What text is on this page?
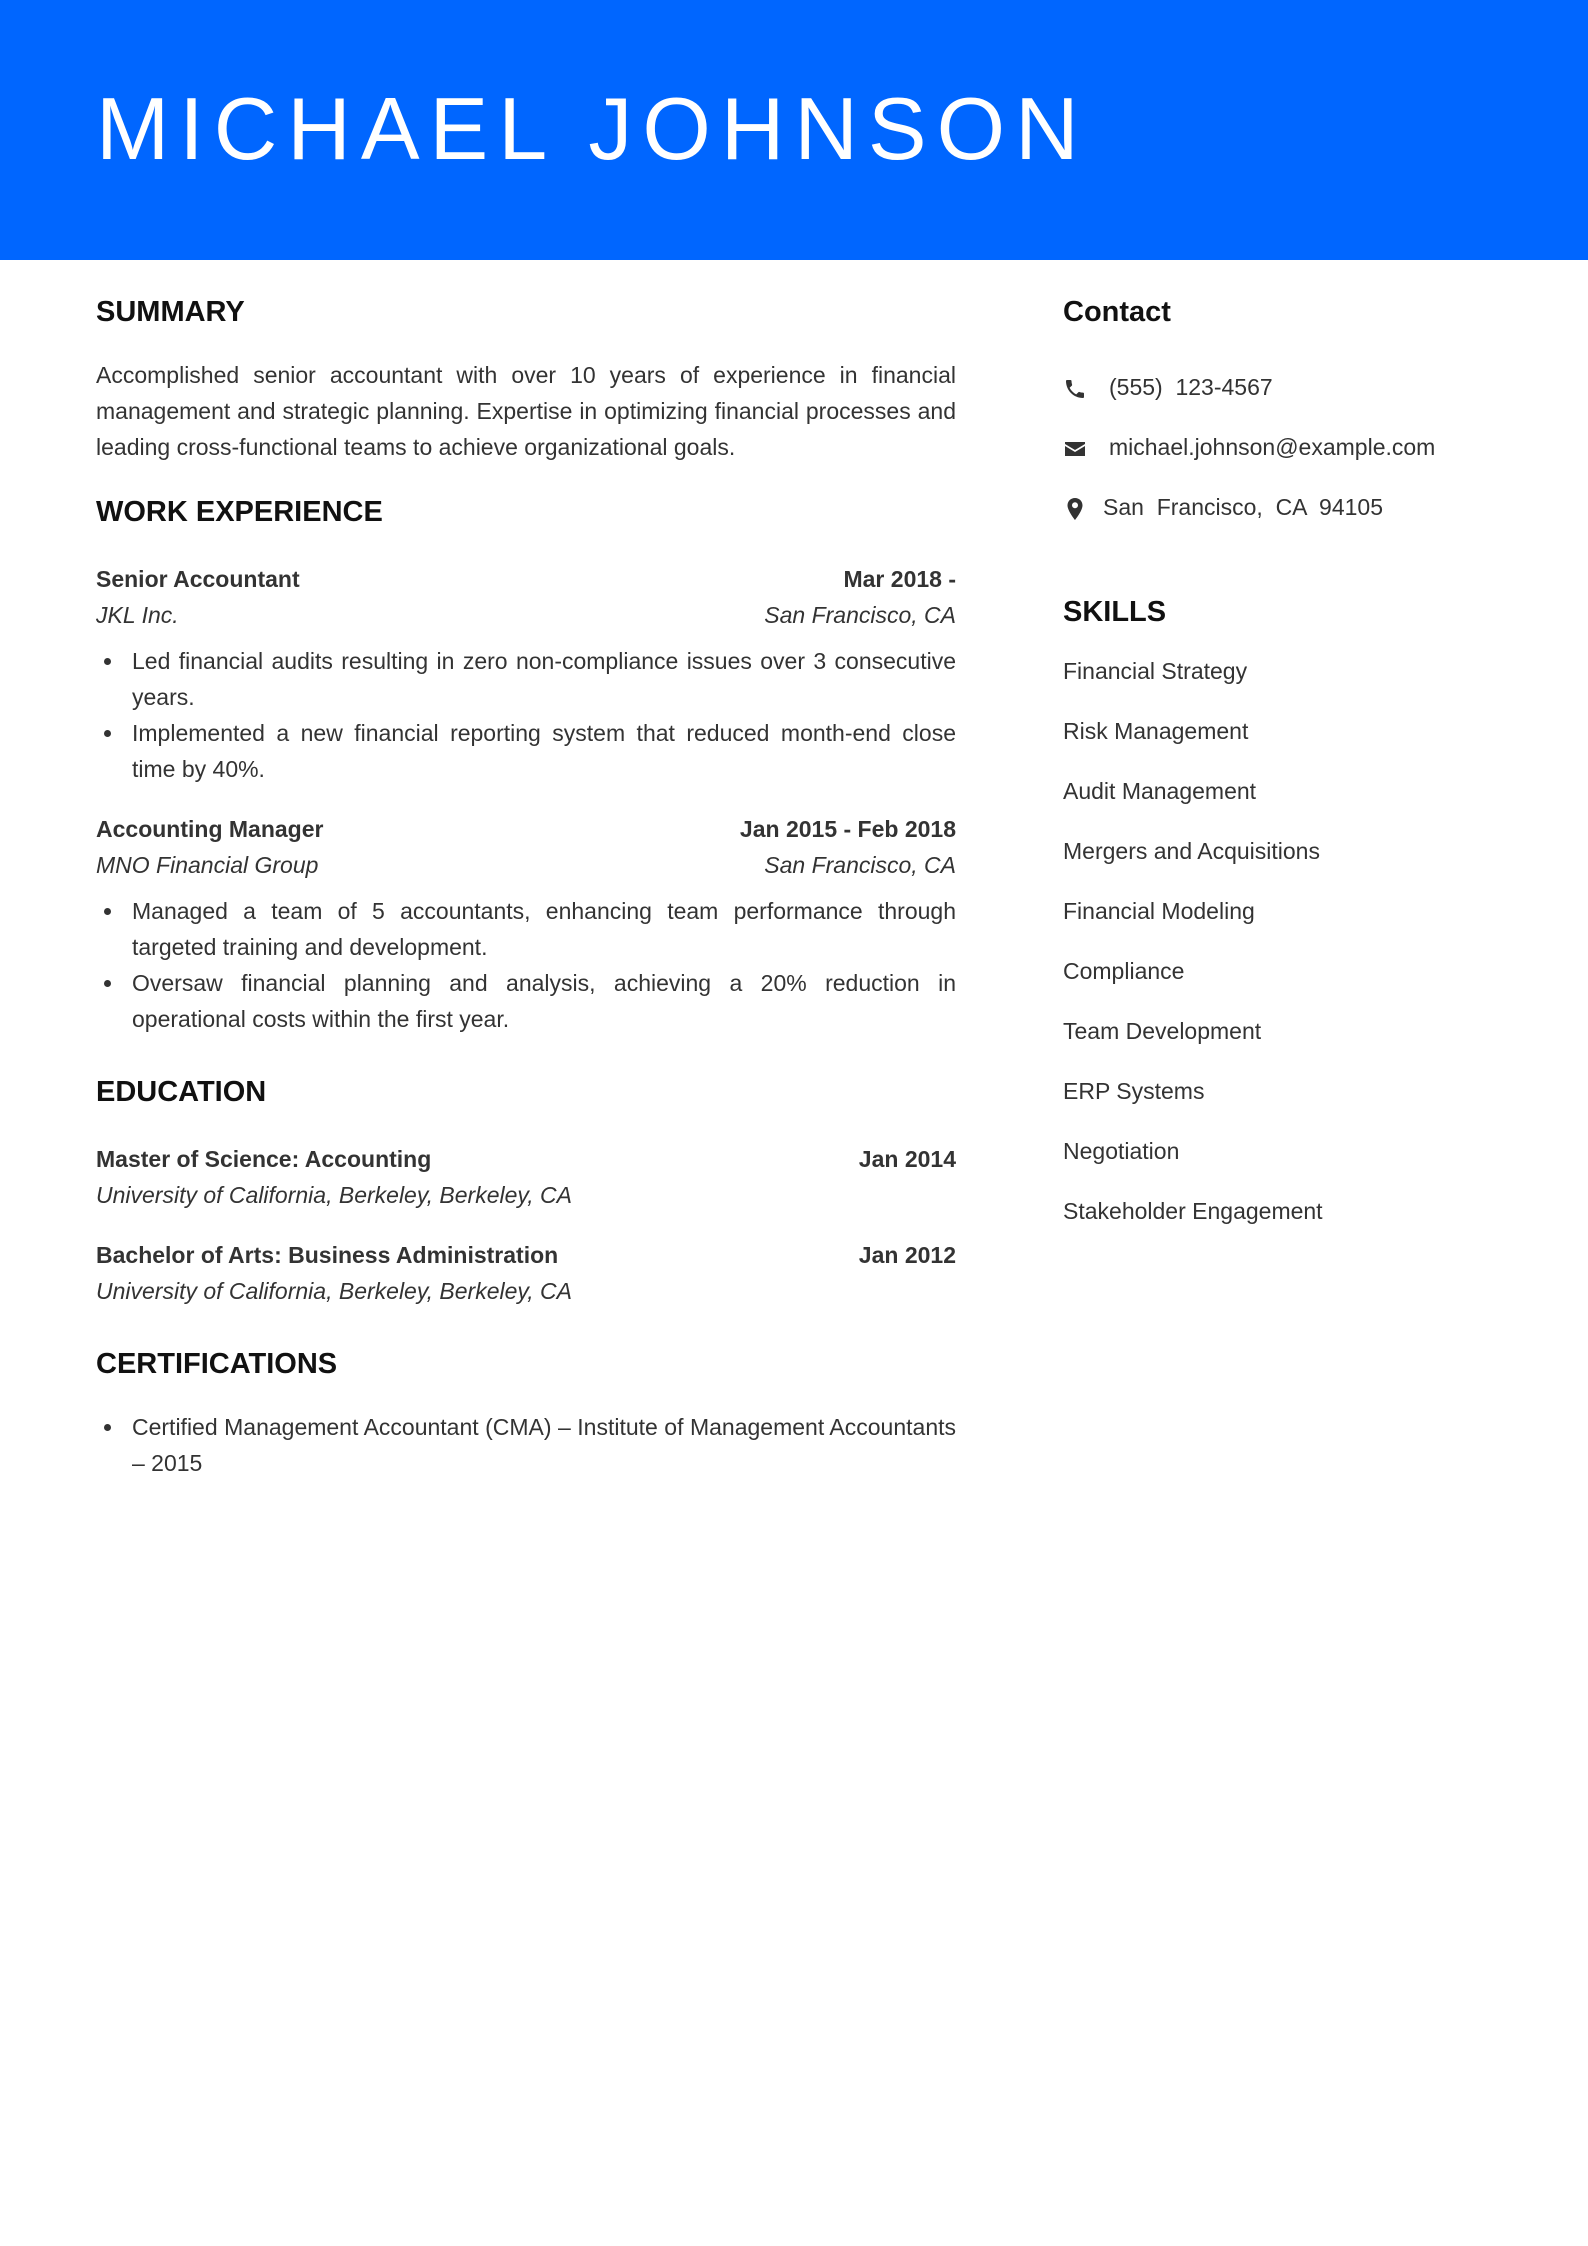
MICHAEL JOHNSON
SUMMARY
Accomplished senior accountant with over 10 years of experience in financial management and strategic planning. Expertise in optimizing financial processes and leading cross-functional teams to achieve organizational goals.
WORK EXPERIENCE
Senior Accountant	Mar 2018 -
JKL Inc.	San Francisco, CA
Led financial audits resulting in zero non-compliance issues over 3 consecutive years.
Implemented a new financial reporting system that reduced month-end close time by 40%.
Accounting Manager	Jan 2015 - Feb 2018
MNO Financial Group	San Francisco, CA
Managed a team of 5 accountants, enhancing team performance through targeted training and development.
Oversaw financial planning and analysis, achieving a 20% reduction in operational costs within the first year.
EDUCATION
Master of Science: Accounting	Jan 2014
University of California, Berkeley, Berkeley, CA
Bachelor of Arts: Business Administration	Jan 2012
University of California, Berkeley, Berkeley, CA
CERTIFICATIONS
Certified Management Accountant (CMA) – Institute of Management Accountants – 2015
Contact
(555)  123-4567
michael.johnson@example.com
San  Francisco,  CA  94105
SKILLS
Financial Strategy
Risk Management
Audit Management
Mergers and Acquisitions
Financial Modeling
Compliance
Team Development
ERP Systems
Negotiation
Stakeholder Engagement
